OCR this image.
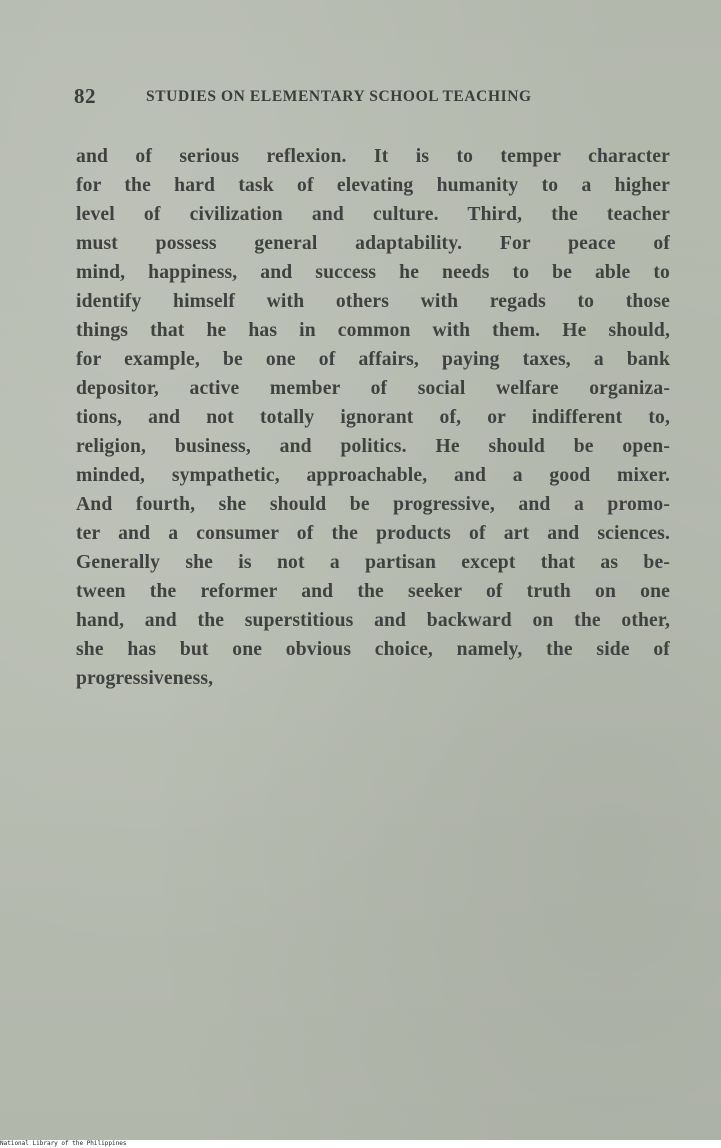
82	STUDIES ON ELEMENTARY SCHOOL TEACHING
and of serious reflexion. It is to temper character
for the hard task of elevating humanity to a higher
level of civilization and culture. Third, the teacher
must possess general adaptability. For peace of
mind, happiness, and success he needs to be able to
identify himself with others with regads to those
things that he has in common with them. He should,
for example, be one of affairs, paying taxes, a bank
depositor, active member of social welfare organiza-
tions, and not totally ignorant of, or indifferent to,
religion, business, and politics. He should be open-
minded, sympathetic, approachable, and a good mixer.
And fourth, she should be progressive, and a promo-
ter and a consumer of the products of art and sciences.
Generally she is not a partisan except that as be-
tween the reformer and the seeker of truth on one
hand, and the superstitious and backward on the other,
she has but one obvious choice, namely, the side of
progressiveness,
National Library of the Philippines
